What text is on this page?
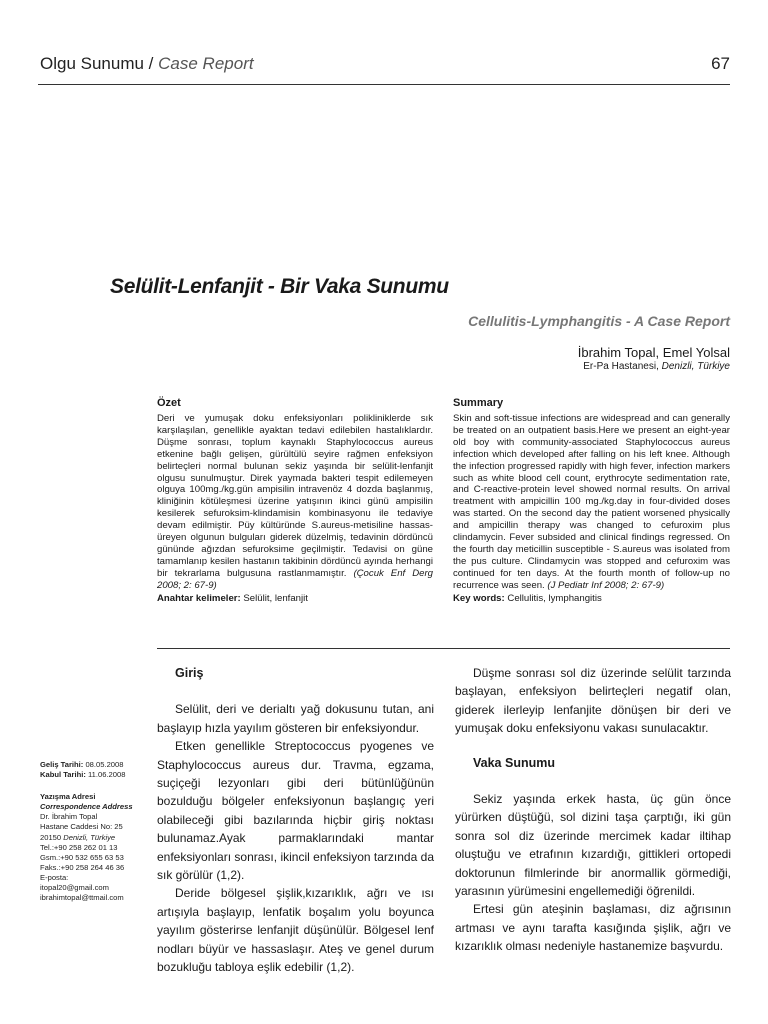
Olgu Sunumu / Case Report	67
Selülit-Lenfanjit - Bir Vaka Sunumu
Cellulitis-Lymphangitis - A Case Report
İbrahim Topal, Emel Yolsal
Er-Pa Hastanesi, Denizli, Türkiye
Özet

Deri ve yumuşak doku enfeksiyonları polikliniklerde sık karşılaşılan, genellikle ayaktan tedavi edilebilen hastalıklardır. Düşme sonrası, toplum kaynaklı Staphylococcus aureus etkenine bağlı gelişen, gürültülü seyire rağmen enfeksiyon belirteçleri normal bulunan sekiz yaşında bir selülit-lenfanjit olgusu sunulmuştur. Direk yaymada bakteri tespit edilemeyen olguya 100mg./kg.gün ampisilin intravenöz 4 dozda başlanmış, kliniğinin kötüleşmesi üzerine yatışının ikinci günü ampisilin kesilerek sefuroksim-klindamisin kombinasyonu ile tedaviye devam edilmiştir. Püy kültüründe S.aureus-metisiline hassas- üreyen olgunun bulguları giderek düzelmiş, tedavinin dördüncü gününde ağızdan sefuroksime geçilmiştir. Tedavisi on güne tamamlanıp kesilen hastanın takibinin dördüncü ayında herhangi bir tekrarlama bulgusuna rastlanmamıştır. (Çocuk Enf Derg 2008; 2: 67-9)

Anahtar kelimeler: Selülit, lenfanjit
Summary

Skin and soft-tissue infections are widespread and can generally be treated on an outpatient basis.Here we present an eight-year old boy with community-associated Staphylococcus aureus infection which developed after falling on his left knee. Although the infection progressed rapidly with high fever, infection markers such as white blood cell count, erythrocyte sedimentation rate, and C-reactive-protein level showed normal results. On arrival treatment with ampicillin 100 mg./kg.day in four-divided doses was started. On the second day the patient worsened physically and ampicillin therapy was changed to cefuroxim plus clindamycin. Fever subsided and clinical findings regressed. On the fourth day meticillin susceptible - S.aureus was isolated from the pus culture. Clindamycin was stopped and cefuroxim was continued for ten days. At the fourth month of follow-up no recurrence was seen. (J Pediatr Inf 2008; 2: 67-9)

Key words: Cellulitis, lymphangitis
Geliş Tarihi: 08.05.2008
Kabul Tarihi: 11.06.2008
Yazışma Adresi
Correspondence Address
Dr. İbrahim Topal
Hastane Caddesi No: 25
20150 Denizli, Türkiye
Tel.:+90 258 262 01 13
Gsm.:+90 532 655 63 53
Faks.:+90 258 264 46 36
E-posta:
itopal20@gmail.com
ibrahimtopal@ttmail.com
Giriş

Selülit, deri ve derialtı yağ dokusunu tutan, ani başlayıp hızla yayılım gösteren bir enfeksiyondur.

Etken genellikle Streptococcus pyogenes ve Staphylococcus aureus dur. Travma, egzama, suçiçeği lezyonları gibi deri bütünlüğünün bozulduğu bölgeler enfeksiyonun başlangıç yeri olabileceği gibi bazılarında hiçbir giriş noktası bulunamaz.Ayak parmaklarındaki mantar enfeksiyonları sonrası, ikincil enfeksiyon tarzında da sık görülür (1,2).

Deride bölgesel şişlik,kızarıklık, ağrı ve ısı artışıyla başlayıp, lenfatik boşalım yolu boyunca yayılım gösterirse lenfanjit düşünülür. Bölgesel lenf nodları büyür ve hassaslaşır. Ateş ve genel durum bozukluğu tabloya eşlik edebilir (1,2).

Düşme sonrası sol diz üzerinde selülit tarzında başlayan, enfeksiyon belirteçleri negatif olan, giderek ilerleyip lenfanjite dönüşen bir deri ve yumuşak doku enfeksiyonu vakası sunulacaktır.

Vaka Sunumu

Sekiz yaşında erkek hasta, üç gün önce yürürken düştüğü, sol dizini taşa çarptığı, iki gün sonra sol diz üzerinde mercimek kadar iltihap oluştuğu ve etrafının kızardığı, gittikleri ortopedi doktorunun filmlerinde bir anormallik görmediği, yarasının yürümesini engellemediği öğrenildi.

Ertesi gün ateşinin başlaması, diz ağrısının artması ve aynı tarafta kasığında şişlik, ağrı ve kızarıklık olması nedeniyle hastanemize başvurdu.
